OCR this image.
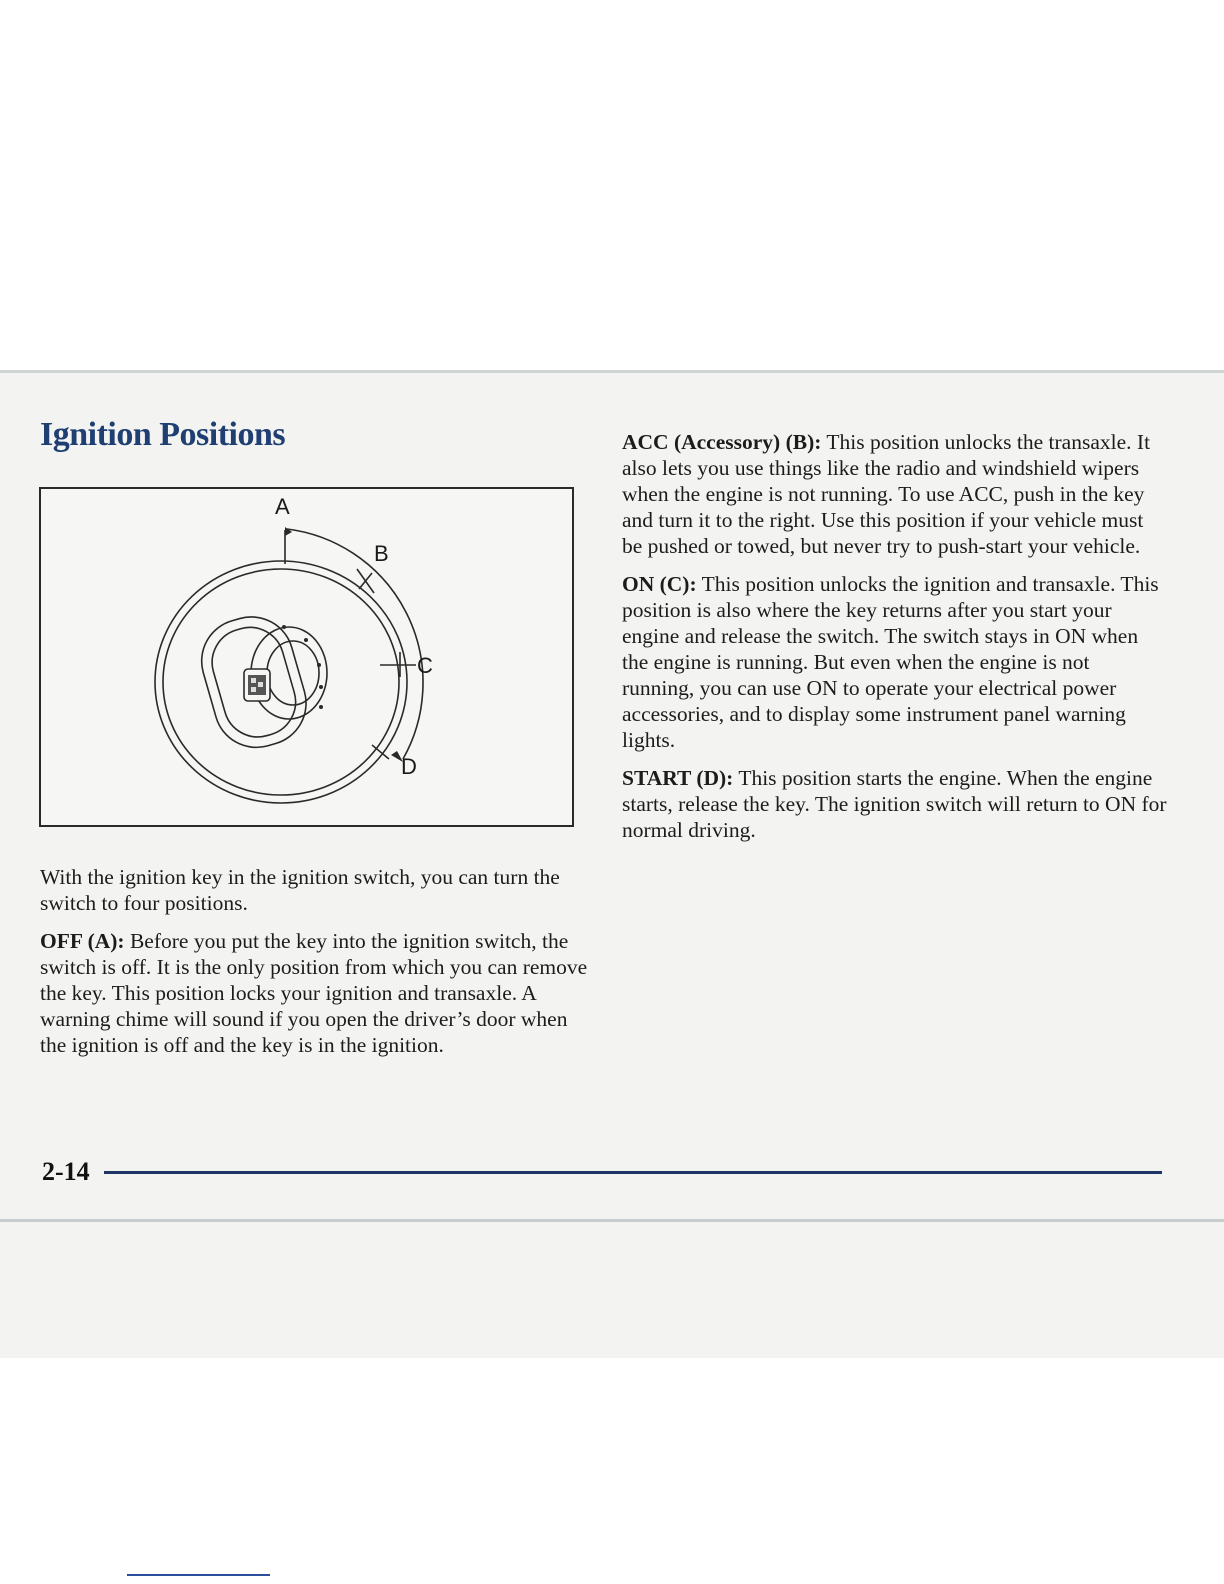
Ignition Positions
A
B
C
D

With the ignition key in the ignition switch, you can turn the switch to four positions.

OFF (A): Before you put the key into the ignition switch, the switch is off. It is the only position from which you can remove the key. This position locks your ignition and transaxle. A warning chime will sound if you open the driver’s door when the ignition is off and the key is in the ignition.

ACC (Accessory) (B): This position unlocks the transaxle. It also lets you use things like the radio and windshield wipers when the engine is not running. To use ACC, push in the key and turn it to the right. Use this position if your vehicle must be pushed or towed, but never try to push-start your vehicle.

ON (C): This position unlocks the ignition and transaxle. This position is also where the key returns after you start your engine and release the switch. The switch stays in ON when the engine is running. But even when the engine is not running, you can use ON to operate your electrical power accessories, and to display some instrument panel warning lights.

START (D): This position starts the engine. When the engine starts, release the key. The ignition switch will return to ON for normal driving.

2-14
